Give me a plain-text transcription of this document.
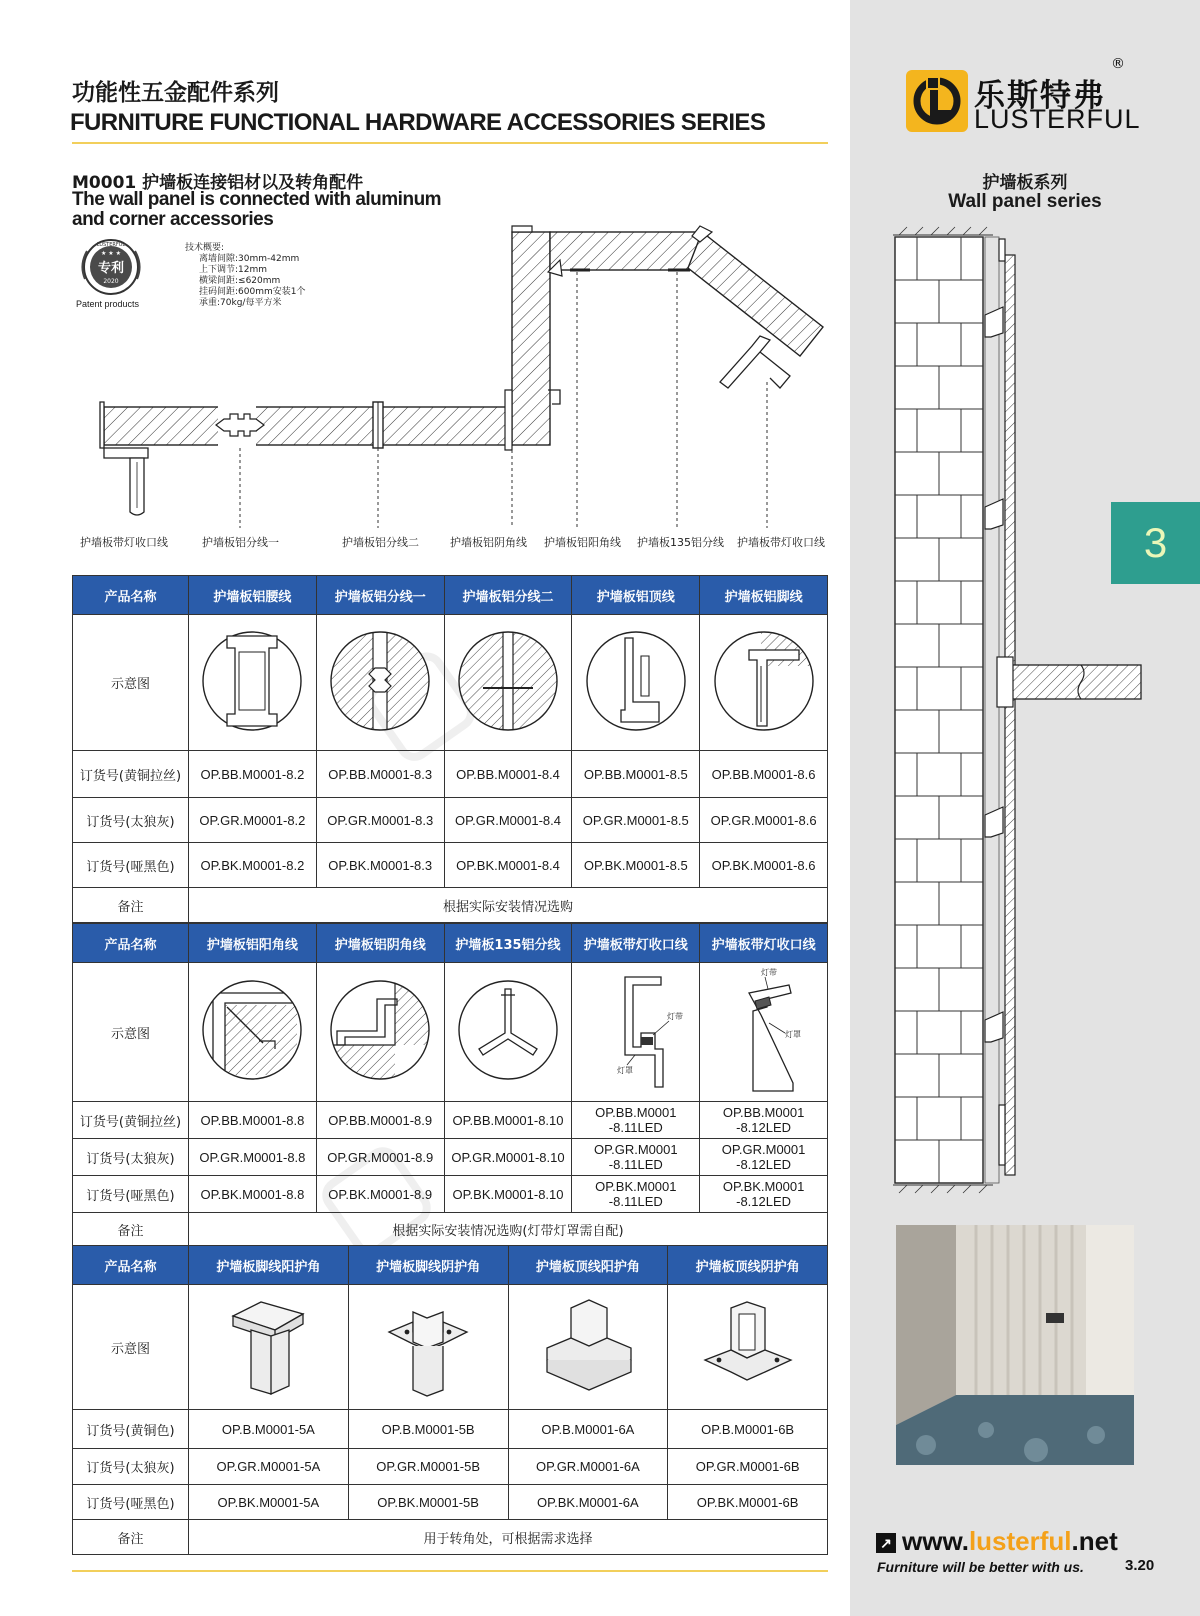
功能性五金配件系列
FURNITURE FUNCTIONAL HARDWARE ACCESSORIES SERIES
M0001 护墙板连接铝材以及转角配件
The wall panel is connected with aluminum
and corner accessories
LUSTERFUL
★ ★ ★
专利
2020
Patent products
技术概要:
离墙间隙:30mm-42mm
上下调节:12mm
横梁间距:≤620mm
挂码间距:600mm安装1个
承重:70kg/每平方米
护墙板带灯收口线	护墙板铝分线一	护墙板铝分线二	护墙板铝阴角线 护墙板铝阳角线 护墙板135铝分线 护墙板带灯收口线
产品名称	护墙板铝腰线	护墙板铝分线一	护墙板铝分线二	护墙板铝顶线	护墙板铝脚线
示意图					
订货号(黄铜拉丝)	OP.BB.M0001-8.2	OP.BB.M0001-8.3	OP.BB.M0001-8.4	OP.BB.M0001-8.5	OP.BB.M0001-8.6
订货号(太狼灰)	OP.GR.M0001-8.2	OP.GR.M0001-8.3	OP.GR.M0001-8.4	OP.GR.M0001-8.5	OP.GR.M0001-8.6
订货号(哑黑色)	OP.BK.M0001-8.2	OP.BK.M0001-8.3	OP.BK.M0001-8.4	OP.BK.M0001-8.5	OP.BK.M0001-8.6
备注	根据实际安装情况选购				
产品名称	护墙板铝阳角线	护墙板铝阴角线	护墙板135铝分线	护墙板带灯收口线	护墙板带灯收口线
示意图				灯带
灯罩	灯带
灯罩

订货号(黄铜拉丝)	OP.BB.M0001-8.8	OP.BB.M0001-8.9	OP.BB.M0001-8.10	OP.BB.M0001
-8.11LED	OP.BB.M0001
-8.12LED
订货号(太狼灰)	OP.GR.M0001-8.8	OP.GR.M0001-8.9	OP.GR.M0001-8.10	OP.GR.M0001
-8.11LED	OP.GR.M0001
-8.12LED
订货号(哑黑色)	OP.BK.M0001-8.8	OP.BK.M0001-8.9	OP.BK.M0001-8.10	OP.BK.M0001
-8.11LED	OP.BK.M0001
-8.12LED
备注	根据实际安装情况选购(灯带灯罩需自配)				
产品名称	护墙板脚线阳护角	护墙板脚线阴护角	护墙板顶线阳护角	护墙板顶线阴护角
示意图				
订货号(黄铜色)	OP.B.M0001-5A	OP.B.M0001-5B	OP.B.M0001-6A	OP.B.M0001-6B
订货号(太狼灰)	OP.GR.M0001-5A	OP.GR.M0001-5B	OP.GR.M0001-6A	OP.GR.M0001-6B
订货号(哑黑色)	OP.BK.M0001-5A	OP.BK.M0001-5B	OP.BK.M0001-6A	OP.BK.M0001-6B
备注	用于转角处，可根据需求选择			
乐斯特弗
LUSTERFUL
®
护墙板系列
Wall panel series
3
↗ www.lusterful.net
Furniture will be better with us.	3.20
